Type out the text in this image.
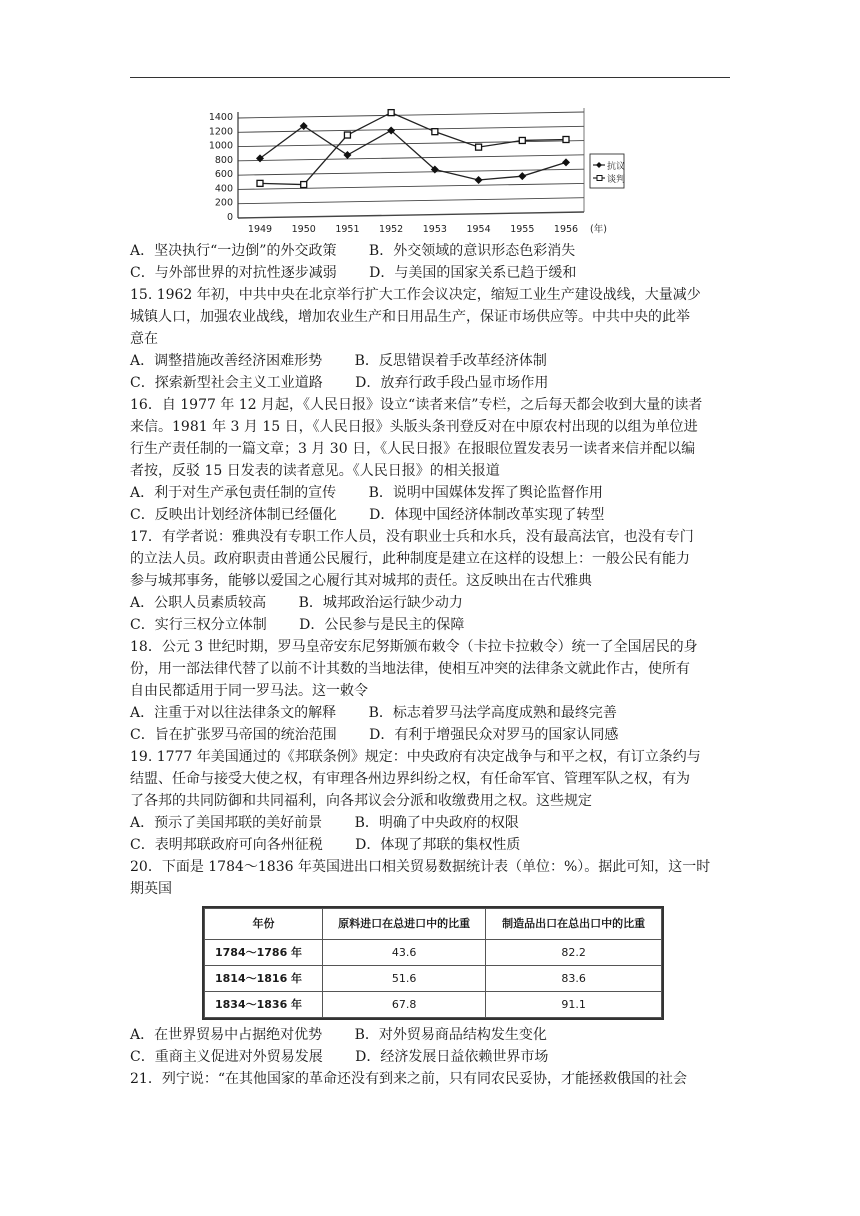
0
200
400
600
800
1000
1200
1400
1949 1950 1951 1952 1953 1954 1955 1956 (年)
抗议
谈判
A．坚决执行“一边倒”的外交政策 B．外交领域的意识形态色彩消失
C．与外部世界的对抗性逐步减弱 D．与美国的国家关系已趋于缓和
15. 1962 年初，中共中央在北京举行扩大工作会议决定，缩短工业生产建设战线，大量减少
城镇人口，加强农业战线，增加农业生产和日用品生产，保证市场供应等。中共中央的此举
意在
A．调整措施改善经济困难形势 B．反思错误着手改革经济体制
C．探索新型社会主义工业道路 D．放弃行政手段凸显市场作用
16．自 1977 年 12 月起，《人民日报》设立“读者来信”专栏，之后每天都会收到大量的读者
来信。1981 年 3 月 15 日，《人民日报》头版头条刊登反对在中原农村出现的以组为单位进
行生产责任制的一篇文章；3 月 30 日，《人民日报》在报眼位置发表另一读者来信并配以编
者按，反驳 15 日发表的读者意见。《人民日报》的相关报道
A．利于对生产承包责任制的宣传 B．说明中国媒体发挥了舆论监督作用
C．反映出计划经济体制已经僵化 D．体现中国经济体制改革实现了转型
17．有学者说：雅典没有专职工作人员，没有职业士兵和水兵，没有最高法官，也没有专门
的立法人员。政府职责由普通公民履行，此种制度是建立在这样的设想上：一般公民有能力
参与城邦事务，能够以爱国之心履行其对城邦的责任。这反映出在古代雅典
A．公职人员素质较高 B．城邦政治运行缺少动力
C．实行三权分立体制 D．公民参与是民主的保障
18．公元 3 世纪时期，罗马皇帝安东尼努斯颁布敕令（卡拉卡拉敕令）统一了全国居民的身
份，用一部法律代替了以前不计其数的当地法律，使相互冲突的法律条文就此作古，使所有
自由民都适用于同一罗马法。这一敕令
A．注重于对以往法律条文的解释 B．标志着罗马法学高度成熟和最终完善
C．旨在扩张罗马帝国的统治范围 D．有利于增强民众对罗马的国家认同感
19. 1777 年美国通过的《邦联条例》规定：中央政府有决定战争与和平之权，有订立条约与
结盟、任命与接受大使之权，有审理各州边界纠纷之权，有任命军官、管理军队之权，有为
了各邦的共同防御和共同福利，向各邦议会分派和收缴费用之权。这些规定
A．预示了美国邦联的美好前景 B．明确了中央政府的权限
C．表明邦联政府可向各州征税 D．体现了邦联的集权性质
20．下面是 1784～1836 年英国进出口相关贸易数据统计表（单位：%）。据此可知，这一时
期英国
年份	原料进口在总进口中的比重	制造品出口在总出口中的比重
1784～1786 年	43.6	82.2
1814～1816 年	51.6	83.6
1834～1836 年	67.8	91.1
A．在世界贸易中占据绝对优势 B．对外贸易商品结构发生变化
C．重商主义促进对外贸易发展 D．经济发展日益依赖世界市场
21．列宁说：“在其他国家的革命还没有到来之前，只有同农民妥协，才能拯救俄国的社会
